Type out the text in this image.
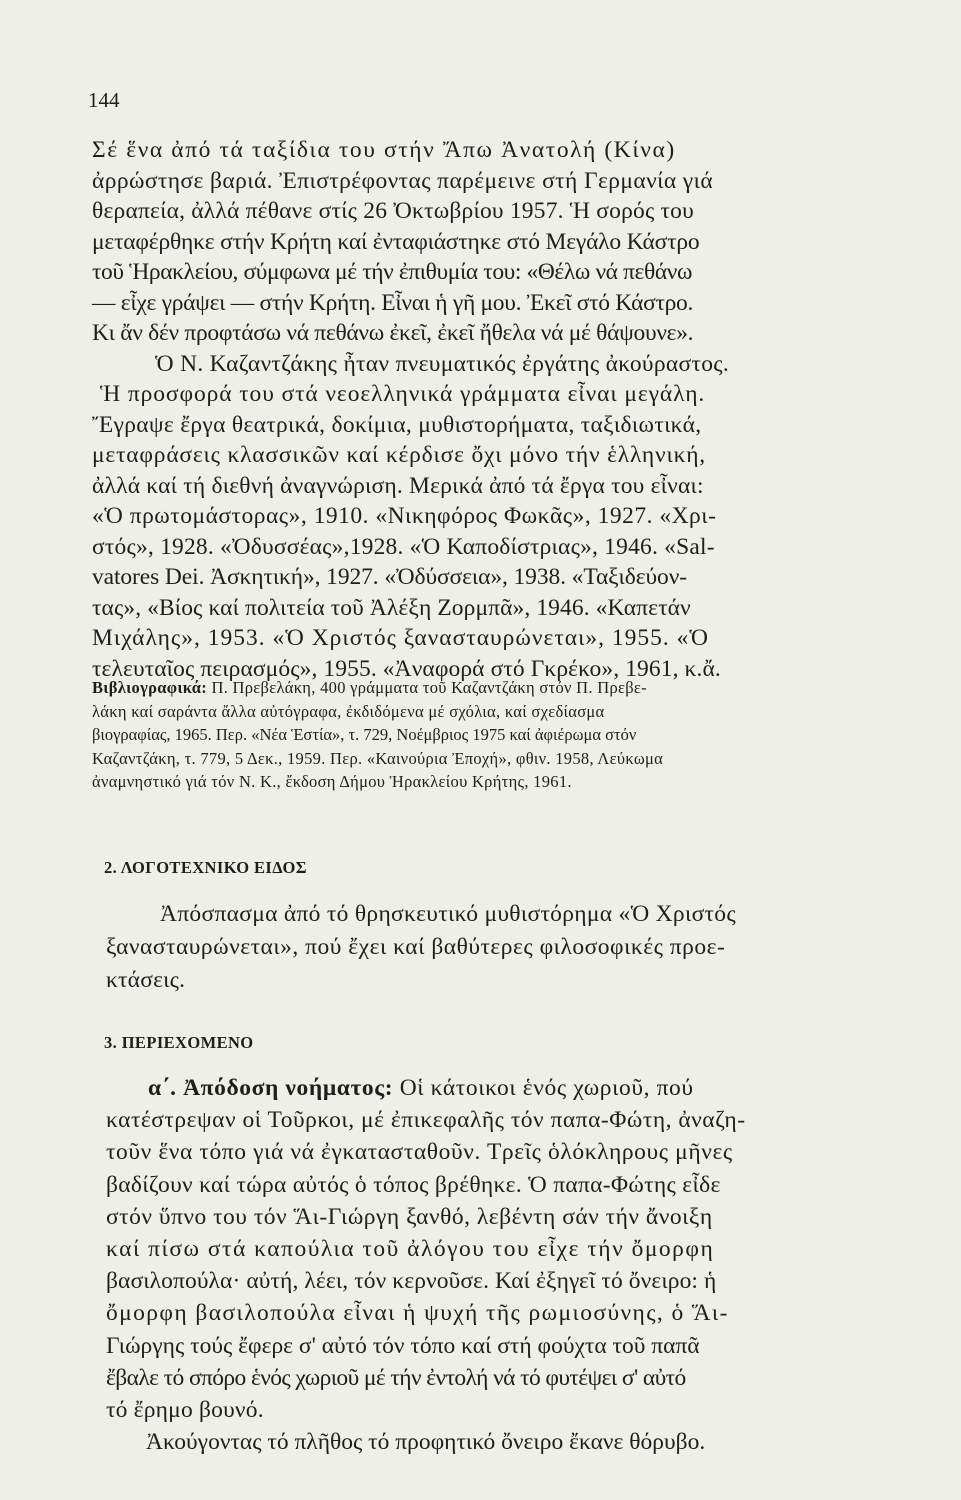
144
Σέ ἕνα ἀπό τά ταξίδια του στήν Ἄπω Ἀνατολή (Κίνα)
ἀρρώστησε βαριά. Ἐπιστρέφοντας παρέμεινε στή Γερμανία γιά
θεραπεία, ἀλλά πέθανε στίς 26 Ὀκτωβρίου 1957. Ἡ σορός του
μεταφέρθηκε στήν Κρήτη καί ἐνταφιάστηκε στό Μεγάλο Κάστρο
τοῦ Ἡρακλείου, σύμφωνα μέ τήν ἐπιθυμία του: «Θέλω νά πεθάνω
— εἶχε γράψει — στήν Κρήτη. Εἶναι ἡ γῆ μου. Ἐκεῖ στό Κάστρο.
Κι ἄν δέν προφτάσω νά πεθάνω ἐκεῖ, ἐκεῖ ἤθελα νά μέ θάψουνε».
Ὁ Ν. Καζαντζάκης ἦταν πνευματικός ἐργάτης ἀκούραστος.
Ἡ προσφορά του στά νεοελληνικά γράμματα εἶναι μεγάλη.
Ἔγραψε ἔργα θεατρικά, δοκίμια, μυθιστορήματα, ταξιδιωτικά,
μεταφράσεις κλασσικῶν καί κέρδισε ὄχι μόνο τήν ἑλληνική,
ἀλλά καί τή διεθνή ἀναγνώριση. Μερικά ἀπό τά ἔργα του εἶναι:
«Ὁ πρωτομάστορας», 1910. «Νικηφόρος Φωκᾶς», 1927. «Χρι-
στός», 1928. «Ὀδυσσέας»,1928. «Ὁ Καποδίστριας», 1946. «Sal-
vatores Dei. Ἀσκητική», 1927. «Ὀδύσσεια», 1938. «Ταξιδεύον-
τας», «Βίος καί πολιτεία τοῦ Ἀλέξη Ζορμπᾶ», 1946. «Καπετάν
Μιχάλης», 1953. «Ὁ Χριστός ξανασταυρώνεται», 1955. «Ὁ
τελευταῖος πειρασμός», 1955. «Ἀναφορά στό Γκρέκο», 1961, κ.ἄ.
Βιβλιογραφικά: Π. Πρεβελάκη, 400 γράμματα τοῦ Καζαντζάκη στόν Π. Πρεβε-
λάκη καί σαράντα ἄλλα αὐτόγραφα, ἐκδιδόμενα μέ σχόλια, καί σχεδίασμα
βιογραφίας, 1965. Περ. «Νέα Ἑστία», τ. 729, Νοέμβριος 1975 καί ἀφιέρωμα στόν
Καζαντζάκη, τ. 779, 5 Δεκ., 1959. Περ. «Καινούρια Ἐποχή», φθιν. 1958, Λεύκωμα
ἀναμνηστικό γιά τόν Ν. Κ., ἔκδοση Δήμου Ἡρακλείου Κρήτης, 1961.
2. ΛΟΓΟΤΕΧΝΙΚΟ ΕΙΔΟΣ
Ἀπόσπασμα ἀπό τό θρησκευτικό μυθιστόρημα «Ὁ Χριστός
ξανασταυρώνεται», πού ἔχει καί βαθύτερες φιλοσοφικές προε-
κτάσεις.
3. ΠΕΡΙΕΧΟΜΕΝΟ
α΄. Ἀπόδοση νοήματος: Οἱ κάτοικοι ἑνός χωριοῦ, πού
κατέστρεψαν οἱ Τοῦρκοι, μέ ἐπικεφαλῆς τόν παπα-Φώτη, ἀναζη-
τοῦν ἕνα τόπο γιά νά ἐγκατασταθοῦν. Τρεῖς ὁλόκληρους μῆνες
βαδίζουν καί τώρα αὐτός ὁ τόπος βρέθηκε. Ὁ παπα-Φώτης εἶδε
στόν ὕπνο του τόν Ἅι-Γιώργη ξανθό, λεβέντη σάν τήν ἄνοιξη
καί πίσω στά καπούλια τοῦ ἀλόγου του εἶχε τήν ὄμορφη
βασιλοπούλα· αὐτή, λέει, τόν κερνοῦσε. Καί ἐξηγεῖ τό ὄνειρο: ἡ
ὄμορφη βασιλοπούλα εἶναι ἡ ψυχή τῆς ρωμιοσύνης, ὁ Ἅι-
Γιώργης τούς ἔφερε σ' αὐτό τόν τόπο καί στή φούχτα τοῦ παπᾶ
ἔβαλε τό σπόρο ἑνός χωριοῦ μέ τήν ἐντολή νά τό φυτέψει σ' αὐτό
τό ἔρημο βουνό.
Ἀκούγοντας τό πλῆθος τό προφητικό ὄνειρο ἔκανε θόρυβο.
